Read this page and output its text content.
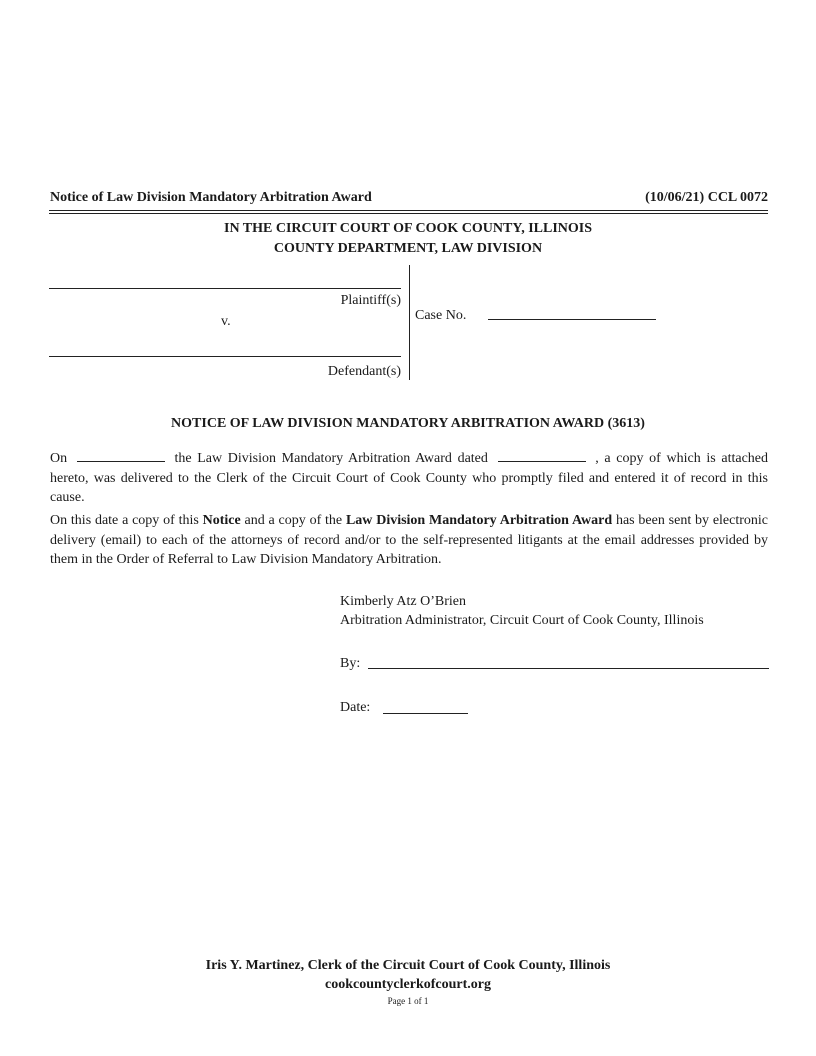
Notice of Law Division Mandatory Arbitration Award	(10/06/21) CCL 0072
IN THE CIRCUIT COURT OF COOK COUNTY, ILLINOIS
COUNTY DEPARTMENT, LAW DIVISION
Plaintiff(s)
v.
Defendant(s)
Case No.
NOTICE OF LAW DIVISION MANDATORY ARBITRATION AWARD (3613)
On	the Law Division Mandatory Arbitration Award dated	, a copy of which is attached hereto, was delivered to the Clerk of the Circuit Court of Cook County who promptly filed and entered it of record in this cause.
On this date a copy of this Notice and a copy of the Law Division Mandatory Arbitration Award has been sent by electronic delivery (email) to each of the attorneys of record and/or to the self-represented litigants at the email addresses provided by them in the Order of Referral to Law Division Mandatory Arbitration.
Kimberly Atz O’Brien
Arbitration Administrator, Circuit Court of Cook County, Illinois
By:
Date:
Iris Y. Martinez, Clerk of the Circuit Court of Cook County, Illinois
cookcountyclerkofcourt.org
Page 1 of 1
